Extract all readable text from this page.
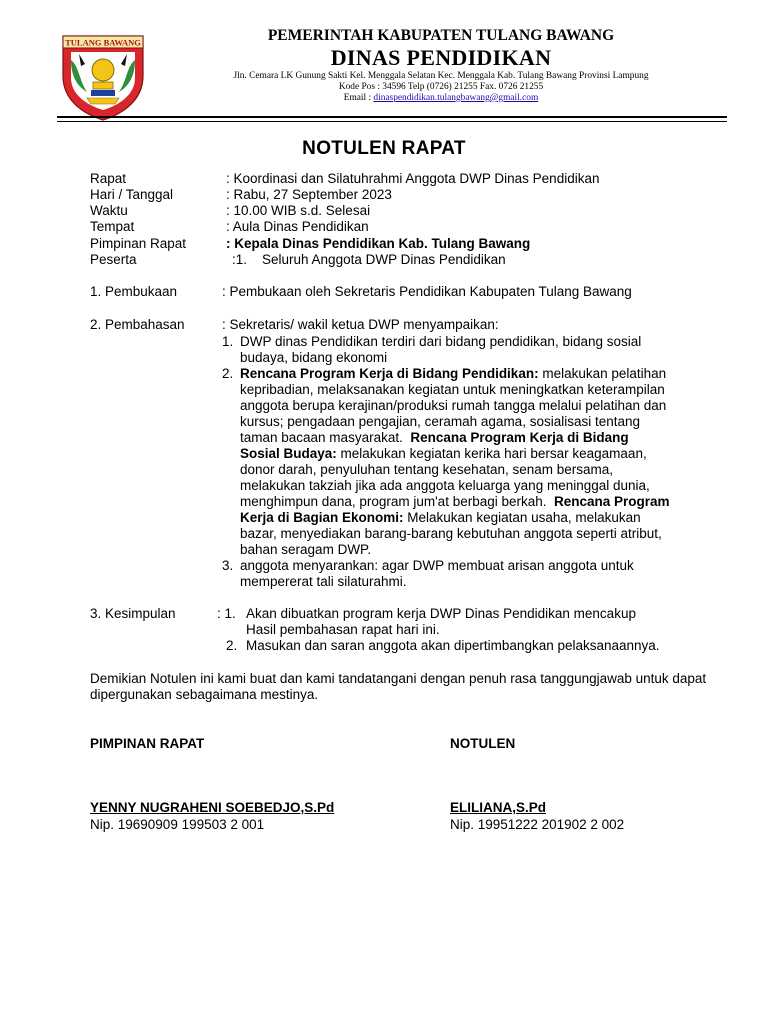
TULANG BAWANG	PEMERINTAH KABUPATEN TULANG BAWANG
DINAS PENDIDIKAN
Jln. Cemara LK Gunung Sakti Kel. Menggala Selatan Kec. Menggala Kab. Tulang Bawang Provinsi Lampung
Kode Pos : 34596 Telp (0726) 21255 Fax. 0726 21255
Email : dinaspendidikan.tulangbawang@gmail.com
NOTULEN RAPAT
Rapat	: Koordinasi dan Silatuhrahmi Anggota DWP Dinas Pendidikan
Hari / Tanggal	: Rabu, 27 September 2023
Waktu	: 10.00 WIB s.d. Selesai
Tempat	: Aula Dinas Pendidikan
Pimpinan Rapat	: Kepala Dinas Pendidikan Kab. Tulang Bawang
Peserta	:1.    Seluruh Anggota DWP Dinas Pendidikan
1. Pembukaan	: Pembukaan oleh Sekretaris Pendidikan Kabupaten Tulang Bawang
2. Pembahasan	: Sekretaris/ wakil ketua DWP menyampaikan:
1. DWP dinas Pendidikan terdiri dari bidang pendidikan, bidang sosial
budaya, bidang ekonomi
2. Rencana Program Kerja di Bidang Pendidikan: melakukan pelatihan
kepribadian, melaksanakan kegiatan untuk meningkatkan keterampilan
anggota berupa kerajinan/produksi rumah tangga melalui pelatihan dan
kursus; pengadaan pengajian, ceramah agama, sosialisasi tentang
taman bacaan masyarakat.  Rencana Program Kerja di Bidang
Sosial Budaya: melakukan kegiatan kerika hari bersar keagamaan,
donor darah, penyuluhan tentang kesehatan, senam bersama,
melakukan takziah jika ada anggota keluarga yang meninggal dunia,
menghimpun dana, program jum'at berbagi berkah.  Rencana Program
Kerja di Bagian Ekonomi: Melakukan kegiatan usaha, melakukan
bazar, menyediakan barang-barang kebutuhan anggota seperti atribut,
bahan seragam DWP.
3. anggota menyarankan: agar DWP membuat arisan anggota untuk
mempererat tali silaturahmi.
3. Kesimpulan	: 1. Akan dibuatkan program kerja DWP Dinas Pendidikan mencakup
Hasil pembahasan rapat hari ini.
2. Masukan dan saran anggota akan dipertimbangkan pelaksanaannya.
Demikian Notulen ini kami buat dan kami tandatangani dengan penuh rasa tanggungjawab untuk dapat dipergunakan sebagaimana mestinya.
PIMPINAN RAPAT	NOTULEN
YENNY NUGRAHENI SOEBEDJO,S.Pd	ELILIANA,S.Pd
Nip. 19690909 199503 2 001	Nip. 19951222 201902 2 002
